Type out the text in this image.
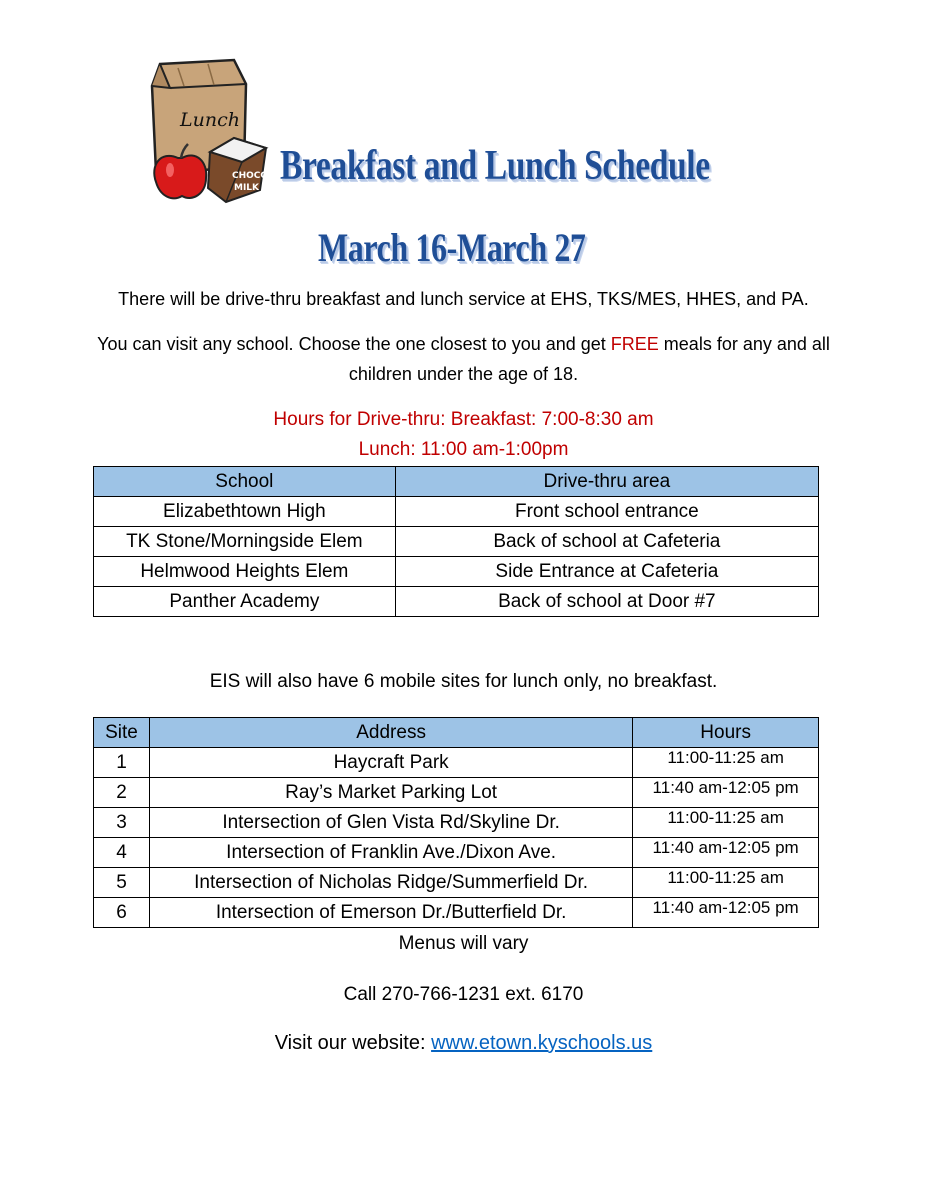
Lunch
CHOCO
MILK Breakfast and Lunch Schedule
March 16-March 27

There will be drive-thru breakfast and lunch service at EHS, TKS/MES, HHES, and PA.

You can visit any school. Choose the one closest to you and get FREE meals for any and all

children under the age of 18.

Hours for Drive-thru: Breakfast: 7:00-8:30 am

Lunch: 11:00 am-1:00pm

School	Drive-thru area
Elizabethtown High	Front school entrance
TK Stone/Morningside Elem	Back of school at Cafeteria
Helmwood Heights Elem	Side Entrance at Cafeteria
Panther Academy	Back of school at Door #7

EIS will also have 6 mobile sites for lunch only, no breakfast.

Site	Address	Hours
1	Haycraft Park	11:00-11:25 am
2	Ray’s Market Parking Lot	11:40 am-12:05 pm
3	Intersection of Glen Vista Rd/Skyline Dr.	11:00-11:25 am
4	Intersection of Franklin Ave./Dixon Ave.	11:40 am-12:05 pm
5	Intersection of Nicholas Ridge/Summerfield Dr.	11:00-11:25 am
6	Intersection of Emerson Dr./Butterfield Dr.	11:40 am-12:05 pm

Menus will vary

Call 270-766-1231 ext. 6170

Visit our website: www.etown.kyschools.us
